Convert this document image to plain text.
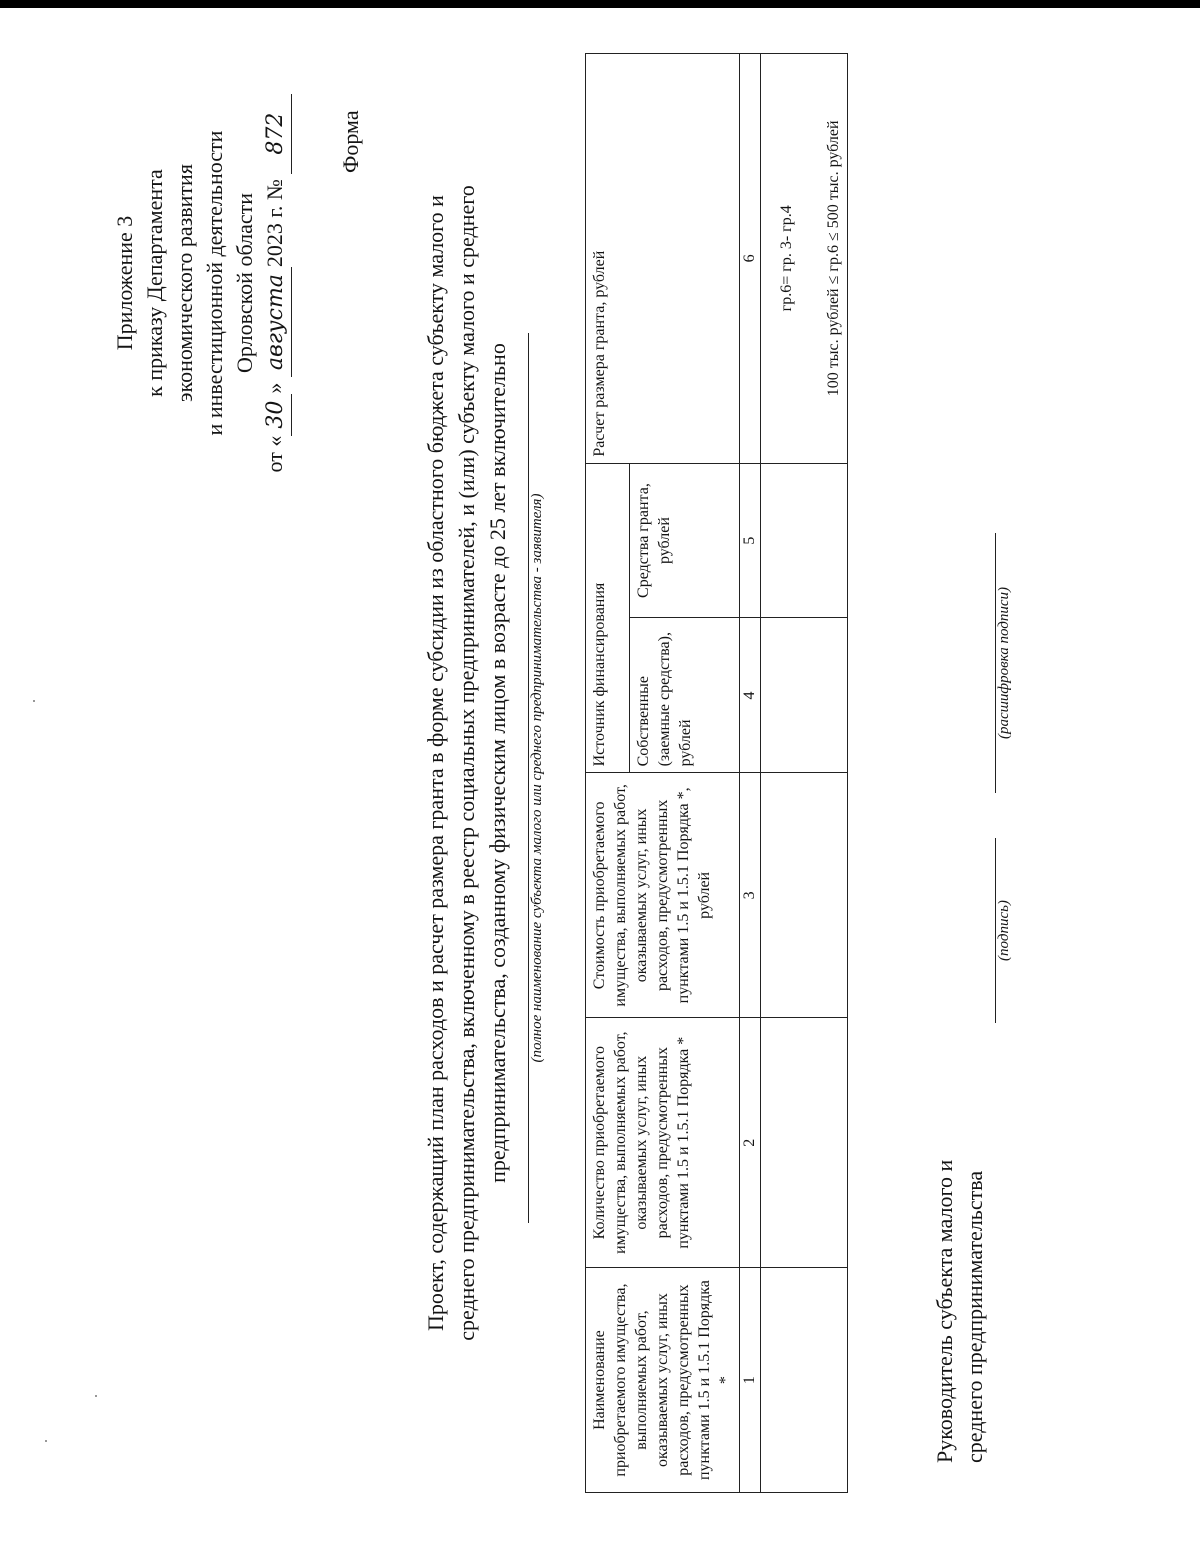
Приложение 3 к приказу Департамента экономического развития и инвестиционной деятельности Орловской области
от «30» августа2023 г. № 872 Форма
Проект, содержащий план расходов и расчет размера гранта в форме субсидии из областного бюджета субъекту малого и среднего предпринимательства, включенному в реестр социальных предпринимателей, и (или) субъекту малого и среднего предпринимательства, созданному физическим лицом в возрасте до 25 лет включительно (полное наименование субъекта малого или среднего предпринимательства - заявителя)
Наименование приобретаемого имущества, выполняемых работ, оказываемых услуг, иных расходов, предусмотренных пунктами 1.5 и 1.5.1 Порядка *	Количество приобретаемого имущества, выполняемых работ, оказываемых услуг, иных расходов, предусмотренных пунктами 1.5 и 1.5.1 Порядка *	Стоимость приобретаемого имущества, выполняемых работ, оказываемых услуг, иных расходов, предусмотренных пунктами 1.5 и 1.5.1 Порядка *, рублей	Источник финансирования		Расчет размера гранта, рублей
			Собственные (заемные средства), рублей	Средства гранта, рублей	
1	2	3	4	5	6

					гр.6= гр. 3- гр.4 100 тыс. рублей ≤ гр.6 ≤ 500 тыс. рублей
Руководитель субъекта малого и среднего предпринимательства
(подпись)
(расшифровка подписи)
